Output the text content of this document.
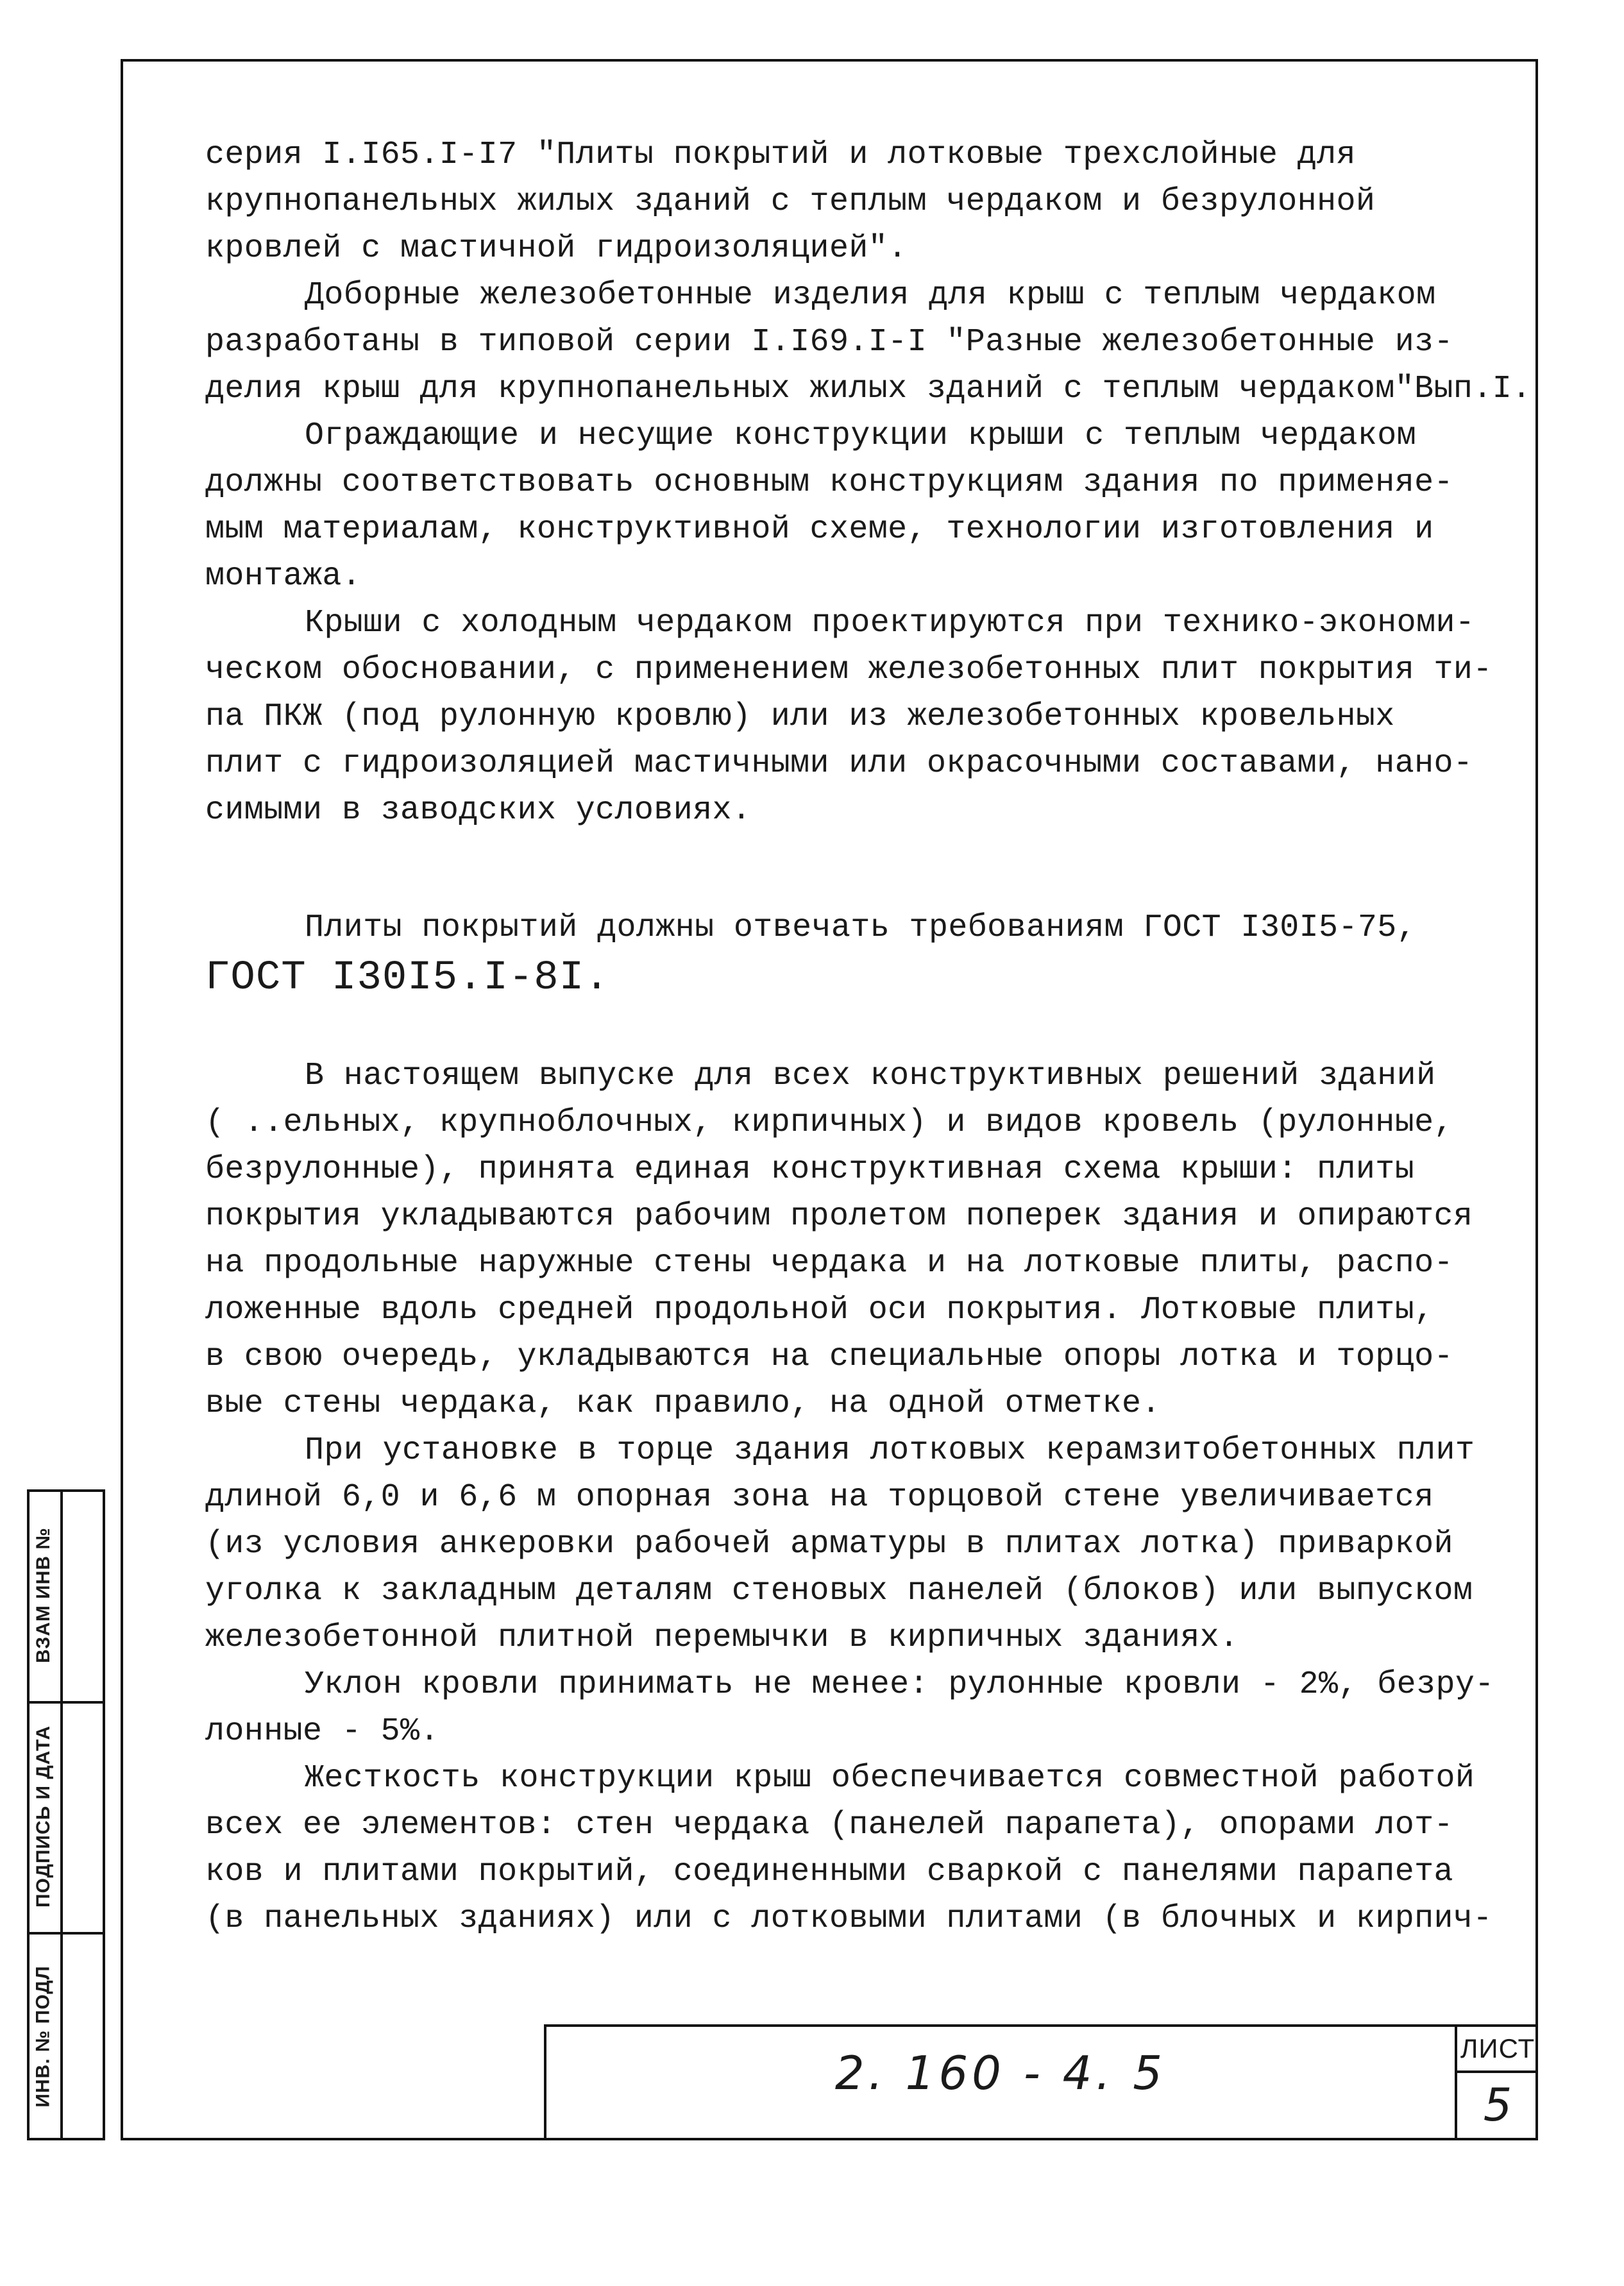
серия I.I65.I-I7 "Плиты покрытий и лотковые трехслойные для
крупнопанельных жилых зданий с теплым чердаком и безрулонной
кровлей с мастичной гидроизоляцией".

Доборные железобетонные изделия для крыш с теплым чердаком
разработаны в типовой серии I.I69.I-I "Разные железобетонные из-
делия крыш для крупнопанельных жилых зданий с теплым чердаком"Вып.I.

Ограждающие и несущие конструкции крыши с теплым чердаком
должны соответствовать основным конструкциям здания по применяе-
мым материалам, конструктивной схеме, технологии изготовления и
монтажа.

Крыши с холодным чердаком проектируются при технико-экономи-
ческом обосновании, с применением железобетонных плит покрытия ти-
па ПКЖ (под рулонную кровлю) или из железобетонных кровельных
плит с гидроизоляцией мастичными или окрасочными составами, нано-
симыми в заводских условиях.

Плиты покрытий должны отвечать требованиям ГОСТ I30I5-75,

ГОСТ I30I5.I-8I.

В настоящем выпуске для всех конструктивных решений зданий
( ..ельных, крупноблочных, кирпичных) и видов кровель (рулонные,
безрулонные), принята единая конструктивная схема крыши: плиты
покрытия укладываются рабочим пролетом поперек здания и опираются
на продольные наружные стены чердака и на лотковые плиты, распо-
ложенные вдоль средней продольной оси покрытия. Лотковые плиты,
в свою очередь, укладываются на специальные опоры лотка и торцо-
вые стены чердака, как правило, на одной отметке.

При установке в торце здания лотковых керамзитобетонных плит
длиной 6,0 и 6,6 м опорная зона на торцовой стене увеличивается
(из условия анкеровки рабочей арматуры в плитах лотка) приваркой
уголка к закладным деталям стеновых панелей (блоков) или выпуском
железобетонной плитной перемычки в кирпичных зданиях.

Уклон кровли принимать не менее: рулонные кровли - 2%, безру-
лонные - 5%.

Жесткость конструкции крыш обеспечивается совместной работой
всех ее элементов: стен чердака (панелей парапета), опорами лот-
ков и плитами покрытий, соединенными сваркой с панелями парапета
(в панельных зданиях) или с лотковыми плитами (в блочных и кирпич-

ВЗАМ ИНВ №
ПОДПИСЬ И ДАТА
ИНВ. № ПОДЛ	2. 160 - 4. 5	ЛИСТ
5
